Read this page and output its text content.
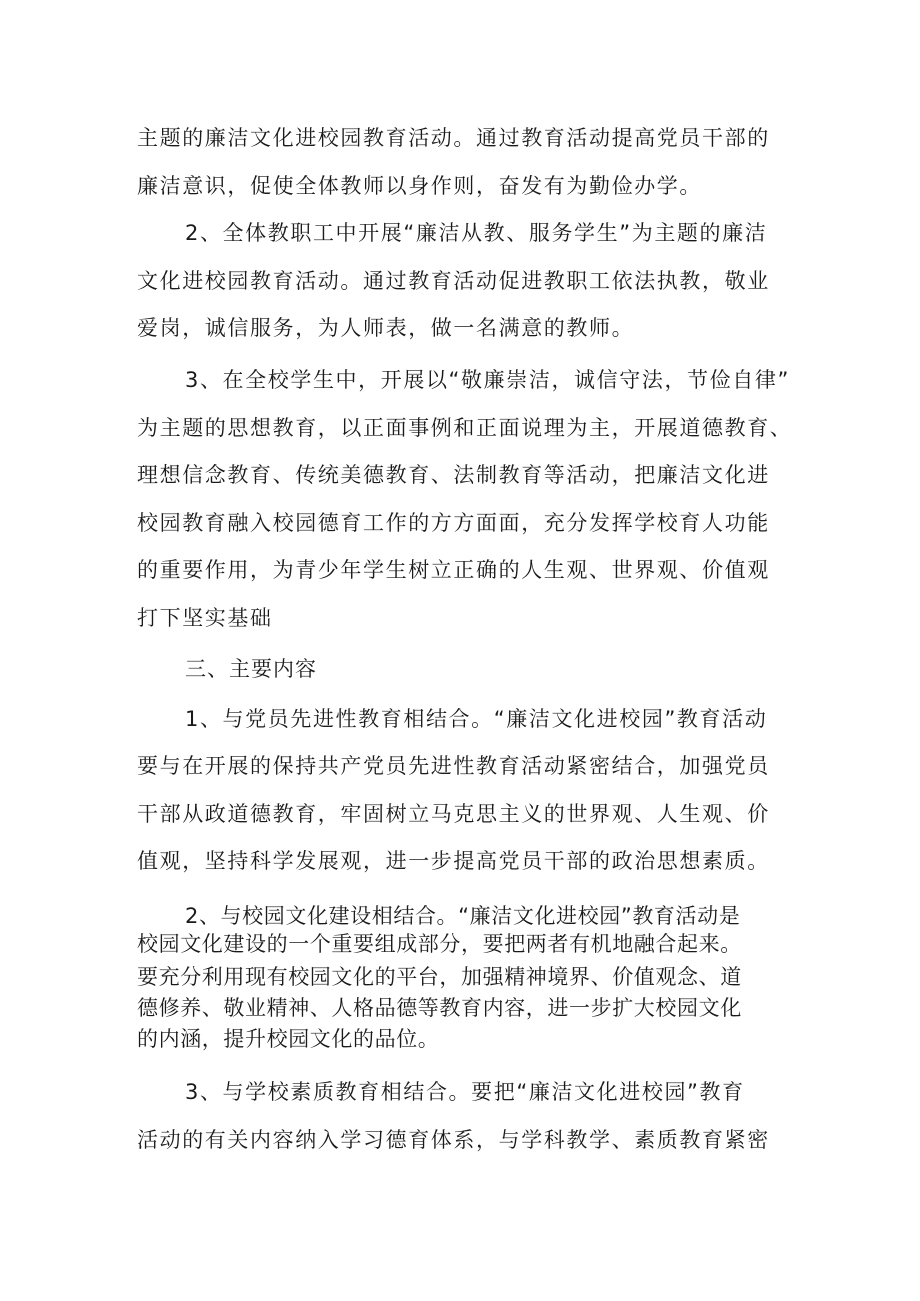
主题的廉洁文化进校园教育活动。通过教育活动提高党员干部的
廉洁意识，促使全体教师以身作则，奋发有为勤俭办学。
2、全体教职工中开展“廉洁从教、服务学生”为主题的廉洁
文化进校园教育活动。通过教育活动促进教职工依法执教，敬业
爱岗，诚信服务，为人师表，做一名满意的教师。
3、在全校学生中，开展以“敬廉崇洁，诚信守法，节俭自律”
为主题的思想教育，以正面事例和正面说理为主，开展道德教育、
理想信念教育、传统美德教育、法制教育等活动，把廉洁文化进
校园教育融入校园德育工作的方方面面，充分发挥学校育人功能
的重要作用，为青少年学生树立正确的人生观、世界观、价值观
打下坚实基础
三、主要内容
1、与党员先进性教育相结合。“廉洁文化进校园”教育活动
要与在开展的保持共产党员先进性教育活动紧密结合，加强党员
干部从政道德教育，牢固树立马克思主义的世界观、人生观、价
值观，坚持科学发展观，进一步提高党员干部的政治思想素质。
2、与校园文化建设相结合。“廉洁文化进校园”教育活动是
校园文化建设的一个重要组成部分，要把两者有机地融合起来。
要充分利用现有校园文化的平台，加强精神境界、价值观念、道
德修养、敬业精神、人格品德等教育内容，进一步扩大校园文化
的内涵，提升校园文化的品位。
3、与学校素质教育相结合。要把“廉洁文化进校园”教育
活动的有关内容纳入学习德育体系，与学科教学、素质教育紧密
